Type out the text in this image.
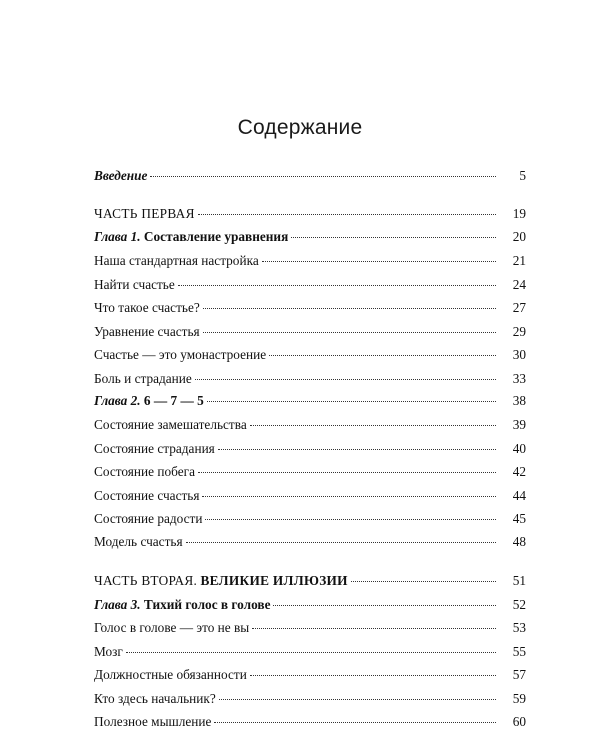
Содержание
Введение	5
ЧАСТЬ ПЕРВАЯ	19
Глава 1. Составление уравнения	20
Наша стандартная настройка	21
Найти счастье	24
Что такое счастье?	27
Уравнение счастья	29
Счастье — это умонастроение	30
Боль и страдание	33
Глава 2. 6 — 7 — 5	38
Состояние замешательства	39
Состояние страдания	40
Состояние побега	42
Состояние счастья	44
Состояние радости	45
Модель счастья	48
ЧАСТЬ ВТОРАЯ. ВЕЛИКИЕ ИЛЛЮЗИИ	51
Глава 3. Тихий голос в голове	52
Голос в голове — это не вы	53
Мозг	55
Должностные обязанности	57
Кто здесь начальник?	59
Полезное мышление	60
